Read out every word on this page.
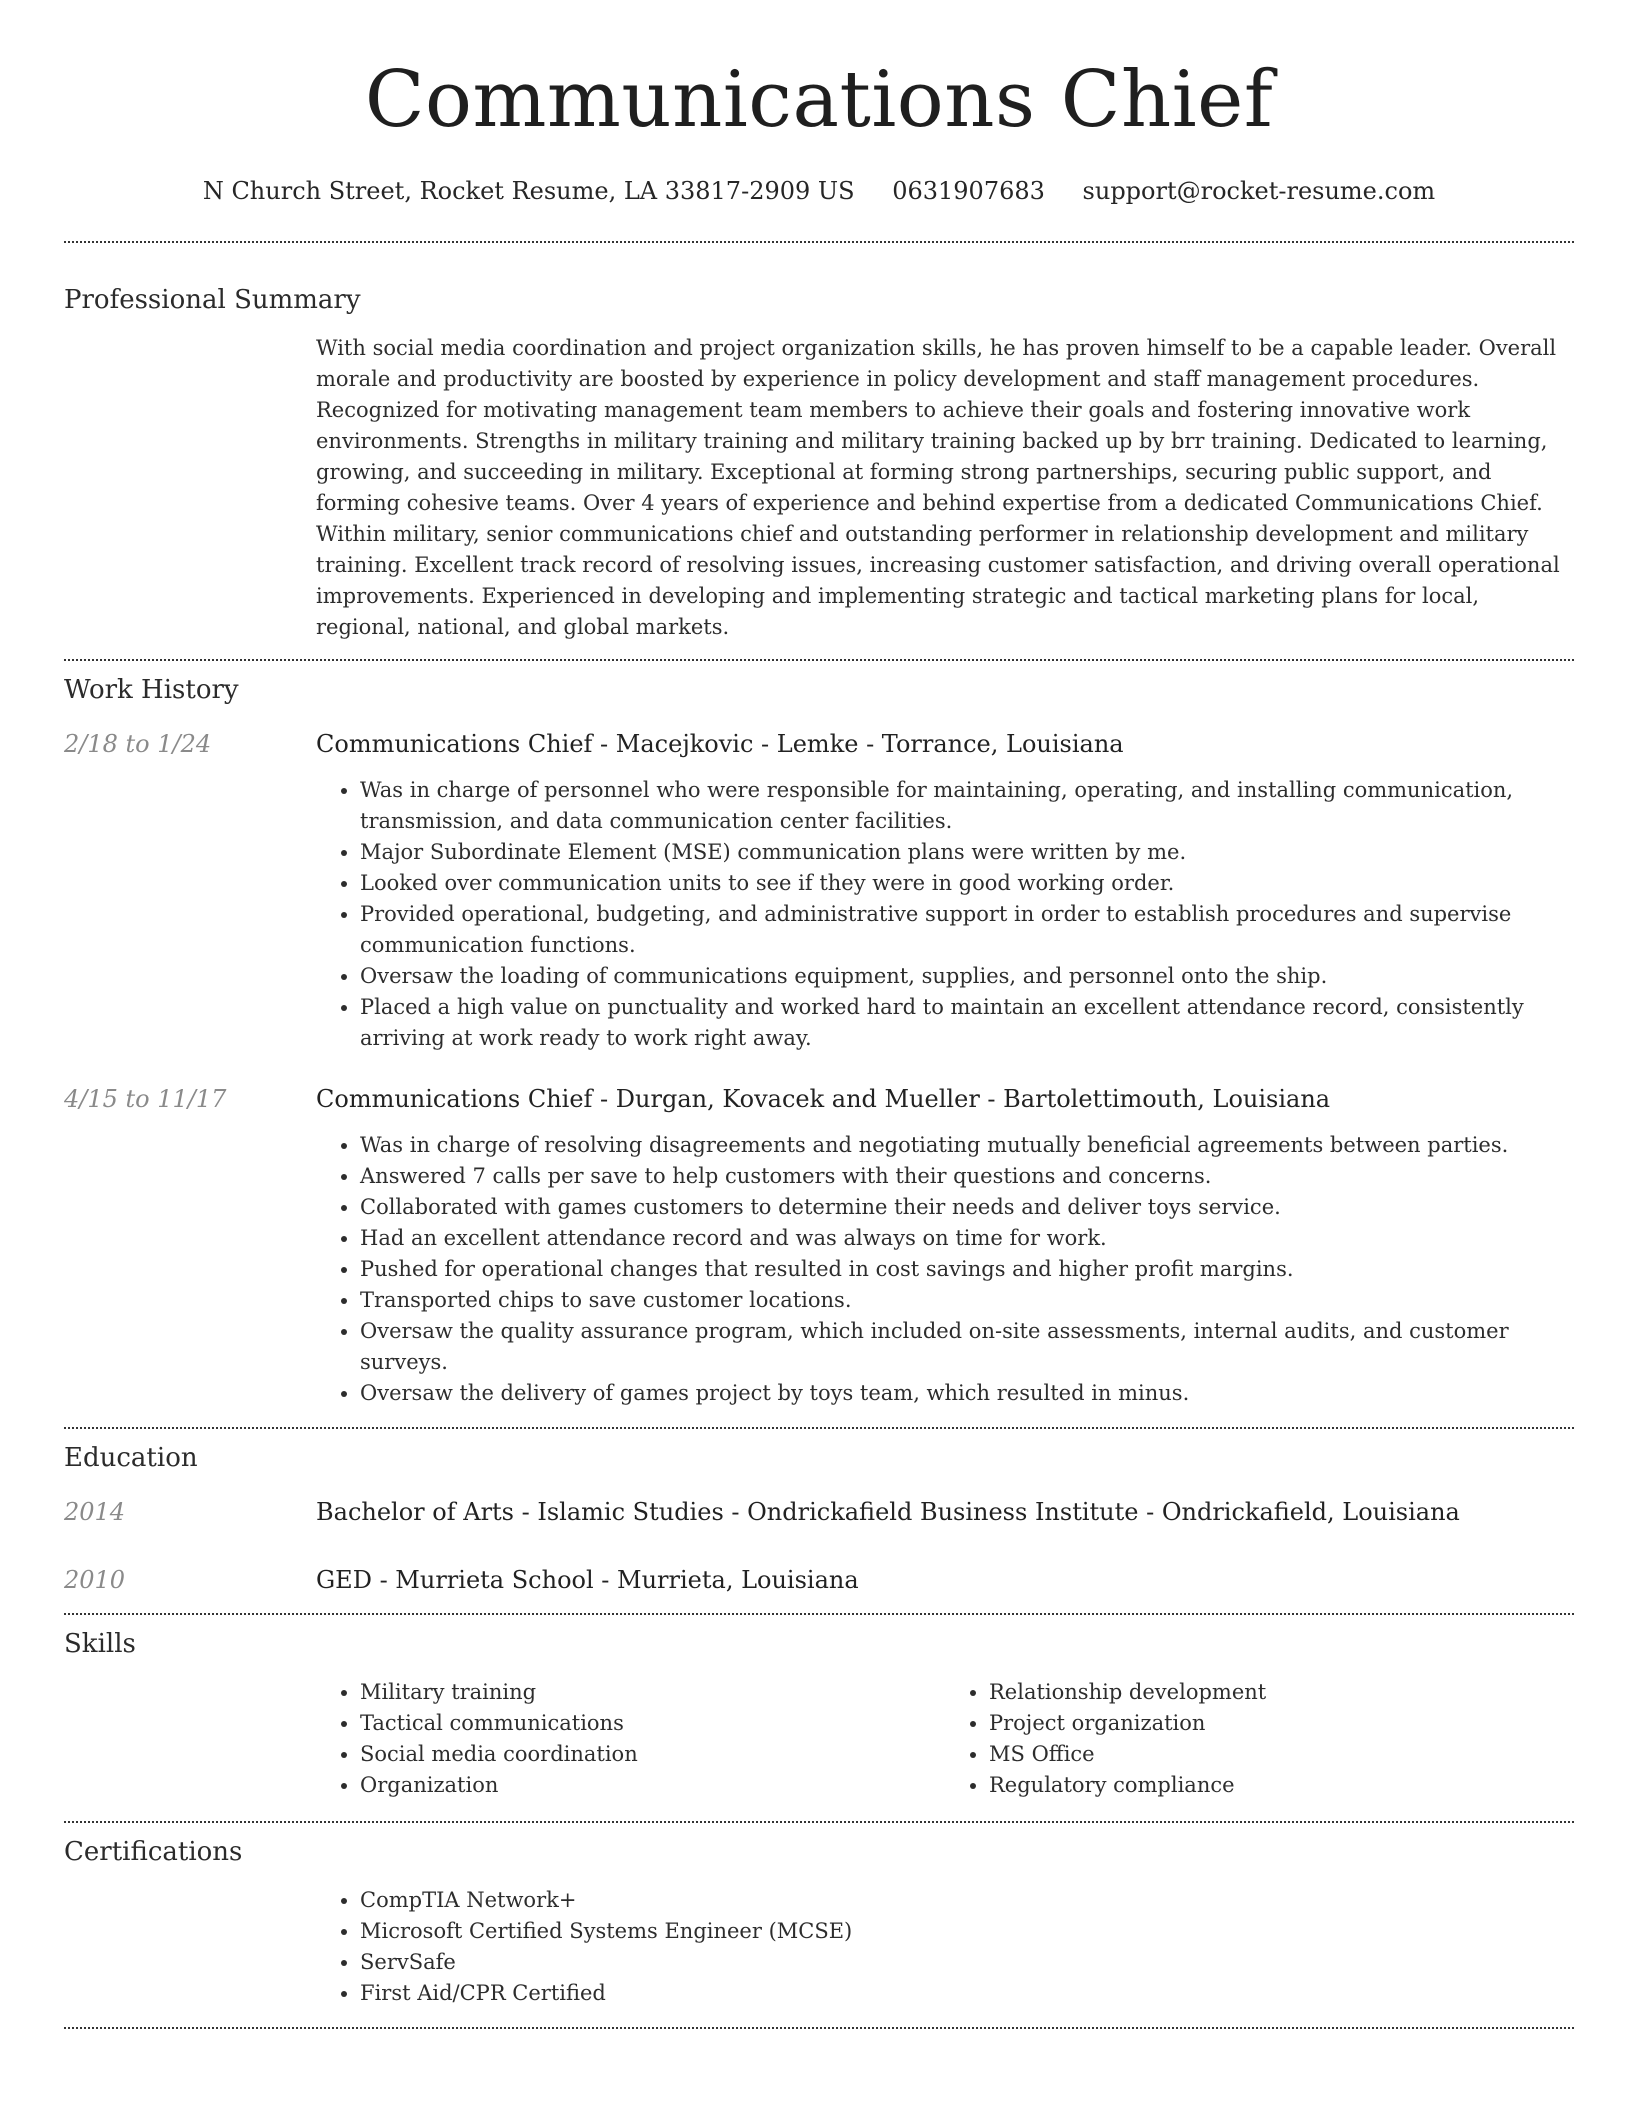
Communications Chief
N Church Street, Rocket Resume, LA 33817-2909 US 0631907683 support@rocket-resume.com
Professional Summary

With social media coordination and project organization skills, he has proven himself to be a capable leader. Overall morale and productivity are boosted by experience in policy development and staff management procedures. Recognized for motivating management team members to achieve their goals and fostering innovative work environments. Strengths in military training and military training backed up by brr training. Dedicated to learning, growing, and succeeding in military. Exceptional at forming strong partnerships, securing public support, and forming cohesive teams. Over 4 years of experience and behind expertise from a dedicated Communications Chief. Within military, senior communications chief and outstanding performer in relationship development and military training. Excellent track record of resolving issues, increasing customer satisfaction, and driving overall operational improvements. Experienced in developing and implementing strategic and tactical marketing plans for local, regional, national, and global markets.

Work History
2/18 to 1/24	Communications Chief - Macejkovic - Lemke - Torrance, Louisiana
• Was in charge of personnel who were responsible for maintaining, operating, and installing communication, transmission, and data communication center facilities.
• Major Subordinate Element (MSE) communication plans were written by me.
• Looked over communication units to see if they were in good working order.
• Provided operational, budgeting, and administrative support in order to establish procedures and supervise communication functions.
• Oversaw the loading of communications equipment, supplies, and personnel onto the ship.
• Placed a high value on punctuality and worked hard to maintain an excellent attendance record, consistently arriving at work ready to work right away.
4/15 to 11/17	Communications Chief - Durgan, Kovacek and Mueller - Bartolettimouth, Louisiana
• Was in charge of resolving disagreements and negotiating mutually beneficial agreements between parties.
• Answered 7 calls per save to help customers with their questions and concerns.
• Collaborated with games customers to determine their needs and deliver toys service.
• Had an excellent attendance record and was always on time for work.
• Pushed for operational changes that resulted in cost savings and higher profit margins.
• Transported chips to save customer locations.
• Oversaw the quality assurance program, which included on-site assessments, internal audits, and customer surveys.
• Oversaw the delivery of games project by toys team, which resulted in minus.
Education
2014	Bachelor of Arts - Islamic Studies - Ondrickafield Business Institute - Ondrickafield, Louisiana
2010	GED - Murrieta School - Murrieta, Louisiana
Skills
• Military training
• Tactical communications
• Social media coordination
• Organization
• Relationship development
• Project organization
• MS Office
• Regulatory compliance
Certifications
• CompTIA Network+
• Microsoft Certified Systems Engineer (MCSE)
• ServSafe
• First Aid/CPR Certified
